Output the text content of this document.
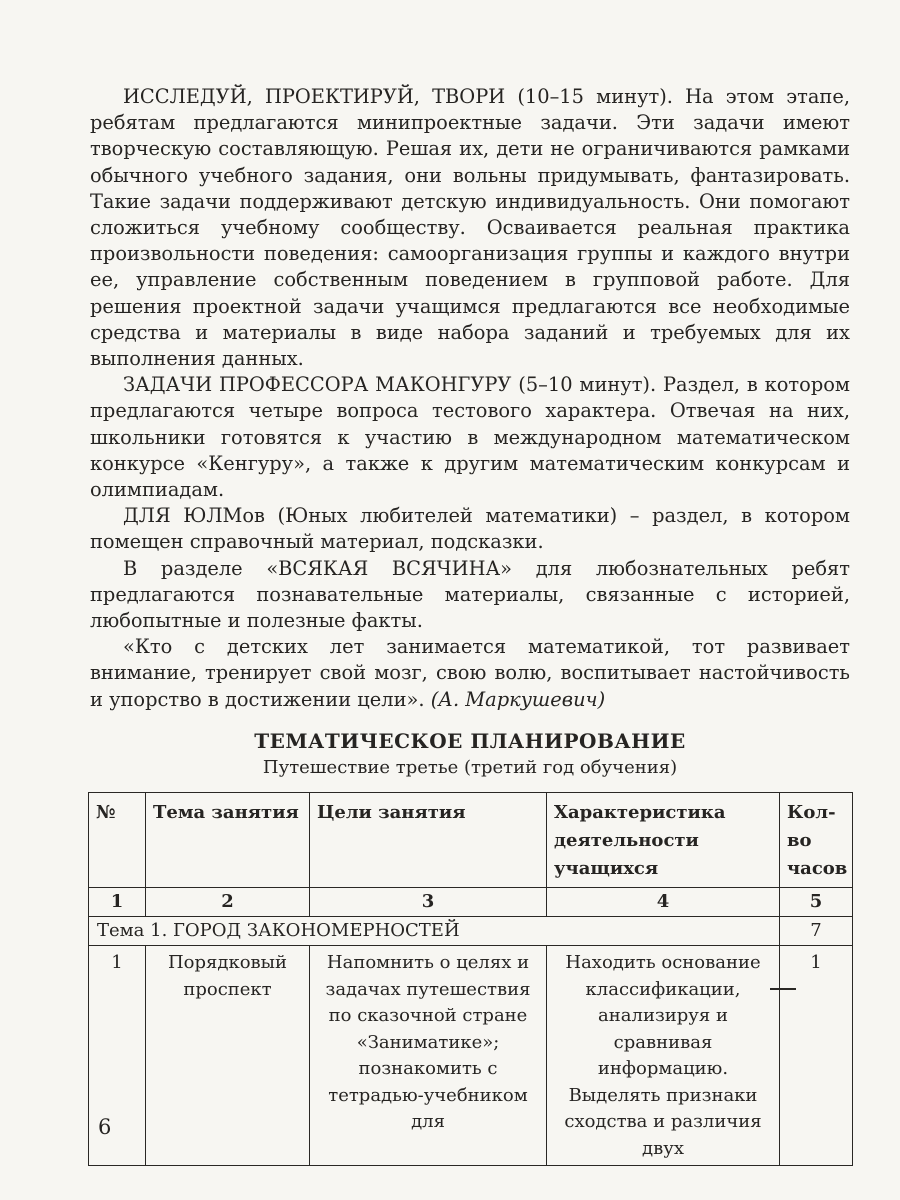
ИССЛЕДУЙ, ПРОЕКТИРУЙ, ТВОРИ (10–15 минут). На этом этапе, ребятам предлагаются минипроектные задачи. Эти задачи имеют творческую составляющую. Решая их, дети не ограничиваются рамками обычного учебного задания, они вольны придумывать, фантазировать. Такие задачи поддерживают детскую индивидуальность. Они помогают сложиться учебному сообществу. Осваивается реальная практика произвольности поведения: самоорганизация группы и каждого внутри ее, управление собственным поведением в групповой работе. Для решения проектной задачи учащимся предлагаются все необходимые средства и материалы в виде набора заданий и требуемых для их выполнения данных.

ЗАДАЧИ ПРОФЕССОРА МАКОНГУРУ (5–10 минут). Раздел, в котором предлагаются четыре вопроса тестового характера. Отвечая на них, школьники готовятся к участию в международном математическом конкурсе «Кенгуру», а также к другим математическим конкурсам и олимпиадам.

ДЛЯ ЮЛМов (Юных любителей математики) – раздел, в котором помещен справочный материал, подсказки.

В разделе «ВСЯКАЯ ВСЯЧИНА» для любознательных ребят предлагаются познавательные материалы, связанные с историей, любопытные и полезные факты.

«Кто с детских лет занимается математикой, тот развивает внимание, тренирует свой мозг, свою волю, воспитывает настойчивость и упорство в достижении цели». (А. Маркушевич)

ТЕМАТИЧЕСКОЕ ПЛАНИРОВАНИЕ
Путешествие третье (третий год обучения)
№	Тема занятия	Цели занятия	Характеристика деятельности учащихся	Кол-во часов
1	2	3	4	5
Тема 1. ГОРОД ЗАКОНОМЕРНОСТЕЙ				7
1	Порядковый проспект	Напомнить о целях и задачах путешествия по сказочной стране «Заниматике»; познакомить с тетрадью-учебником для	Находить основание классификации, анализируя и сравнивая информацию. Выделять признаки сходства и различия двух	1
6
